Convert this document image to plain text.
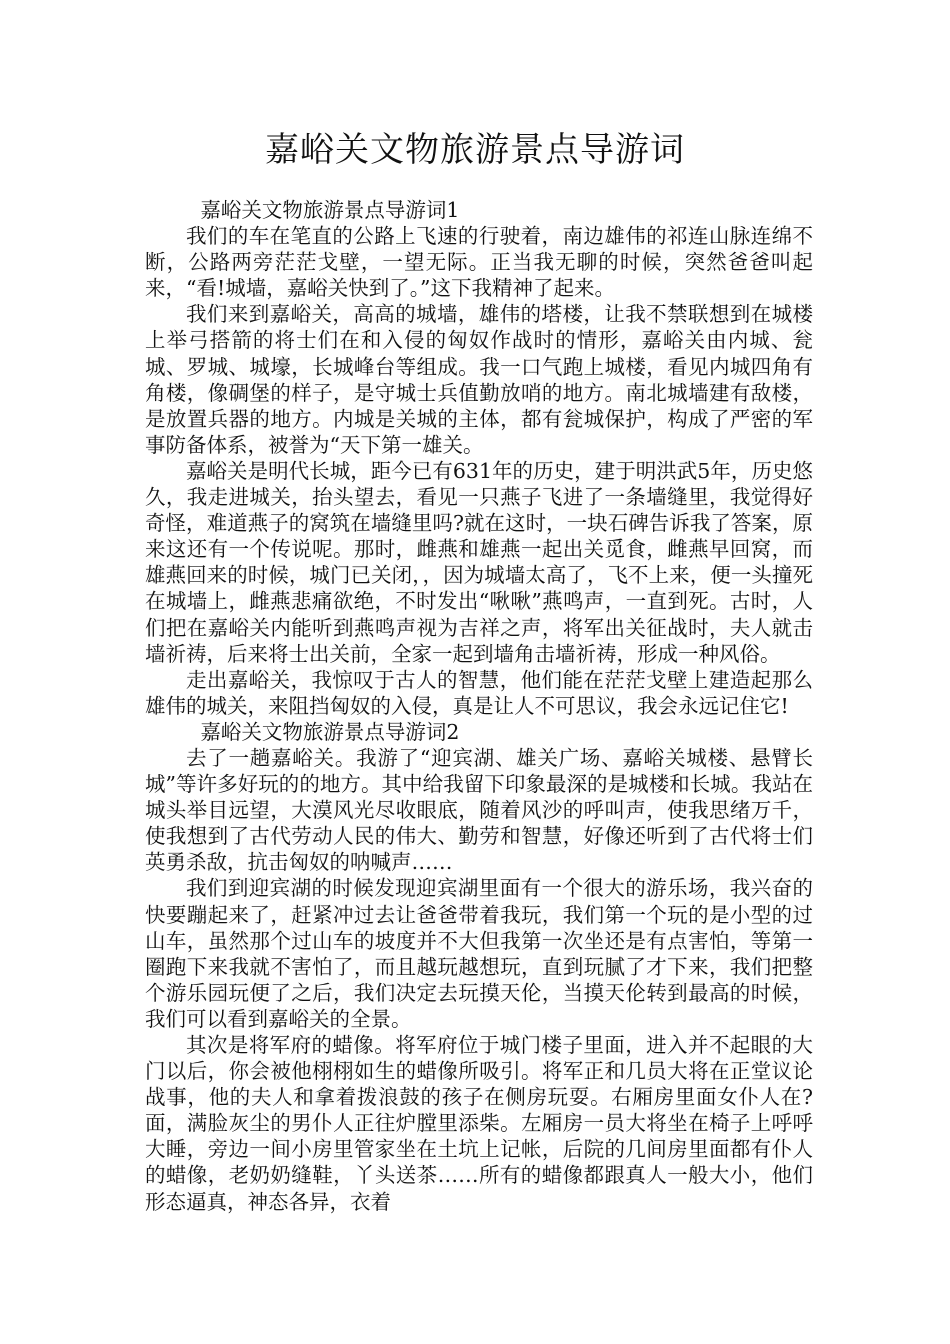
嘉峪关文物旅游景点导游词

嘉峪关文物旅游景点导游词1

我们的车在笔直的公路上飞速的行驶着，南边雄伟的祁连山脉连绵不断，公路两旁茫茫戈壁，一望无际。正当我无聊的时候，突然爸爸叫起来，“看!城墙，嘉峪关快到了。”这下我精神了起来。

我们来到嘉峪关，高高的城墙，雄伟的塔楼，让我不禁联想到在城楼上举弓搭箭的将士们在和入侵的匈奴作战时的情形，嘉峪关由内城、瓮城、罗城、城壕，长城峰台等组成。我一口气跑上城楼，看见内城四角有角楼，像碉堡的样子，是守城士兵值勤放哨的地方。南北城墙建有敌楼，是放置兵器的地方。内城是关城的主体，都有瓮城保护，构成了严密的军事防备体系，被誉为“天下第一雄关。

嘉峪关是明代长城，距今已有631年的历史，建于明洪武5年，历史悠久，我走进城关，抬头望去，看见一只燕子飞进了一条墙缝里，我觉得好奇怪，难道燕子的窝筑在墙缝里吗?就在这时，一块石碑告诉我了答案，原来这还有一个传说呢。那时，雌燕和雄燕一起出关觅食，雌燕早回窝，而雄燕回来的时候，城门已关闭，，因为城墙太高了，飞不上来，便一头撞死在城墙上，雌燕悲痛欲绝，不时发出“啾啾”燕鸣声，一直到死。古时，人们把在嘉峪关内能听到燕鸣声视为吉祥之声，将军出关征战时，夫人就击墙祈祷，后来将士出关前，全家一起到墙角击墙祈祷，形成一种风俗。

走出嘉峪关，我惊叹于古人的智慧，他们能在茫茫戈壁上建造起那么雄伟的城关，来阻挡匈奴的入侵，真是让人不可思议，我会永远记住它!

嘉峪关文物旅游景点导游词2

去了一趟嘉峪关。我游了“迎宾湖、雄关广场、嘉峪关城楼、悬臂长城”等许多好玩的的地方。其中给我留下印象最深的是城楼和长城。我站在城头举目远望，大漠风光尽收眼底，随着风沙的呼叫声，使我思绪万千，使我想到了古代劳动人民的伟大、勤劳和智慧，好像还听到了古代将士们英勇杀敌，抗击匈奴的呐喊声……

我们到迎宾湖的时候发现迎宾湖里面有一个很大的游乐场，我兴奋的快要蹦起来了，赶紧冲过去让爸爸带着我玩，我们第一个玩的是小型的过山车，虽然那个过山车的坡度并不大但我第一次坐还是有点害怕，等第一圈跑下来我就不害怕了，而且越玩越想玩，直到玩腻了才下来，我们把整个游乐园玩便了之后，我们决定去玩摸天伦，当摸天伦转到最高的时候，我们可以看到嘉峪关的全景。

其次是将军府的蜡像。将军府位于城门楼子里面，进入并不起眼的大门以后，你会被他栩栩如生的蜡像所吸引。将军正和几员大将在正堂议论战事，他的夫人和拿着拨浪鼓的孩子在侧房玩耍。右厢房里面女仆人在?面，满脸灰尘的男仆人正往炉膛里添柴。左厢房一员大将坐在椅子上呼呼大睡，旁边一间小房里管家坐在土坑上记帐，后院的几间房里面都有仆人的蜡像，老奶奶缝鞋，丫头送茶……所有的蜡像都跟真人一般大小，他们形态逼真，神态各异，衣着
